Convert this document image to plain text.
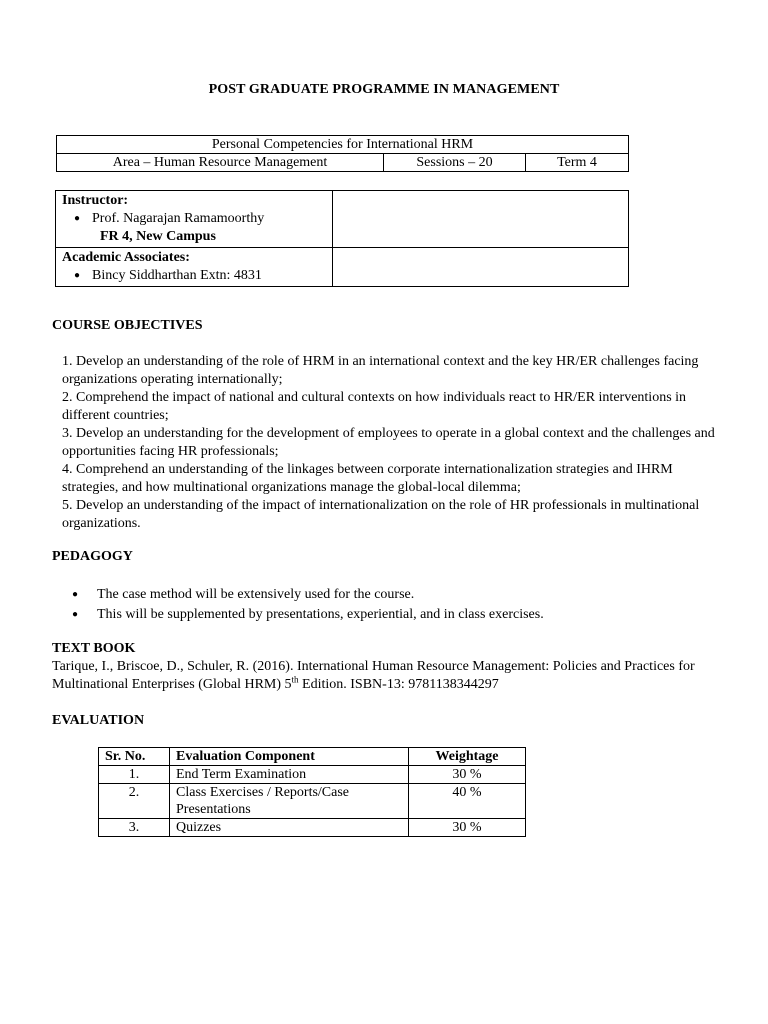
POST GRADUATE PROGRAMME IN MANAGEMENT
Personal Competencies for International HRM
Area – Human Resource Management	Sessions – 20	Term 4
Instructor:
● Prof. Nagarajan Ramamoorthy
FR 4, New Campus	

Academic Associates:
● Bincy Siddharthan Extn: 4831	

COURSE OBJECTIVES

1. Develop an understanding of the role of HRM in an international context and the key HR/ER challenges facing organizations operating internationally;

2. Comprehend the impact of national and cultural contexts on how individuals react to HR/ER interventions in different countries;

3. Develop an understanding for the development of employees to operate in a global context and the challenges and opportunities facing HR professionals;

4. Comprehend an understanding of the linkages between corporate internationalization strategies and IHRM strategies, and how multinational organizations manage the global-local dilemma;

5. Develop an understanding of the impact of internationalization on the role of HR professionals in multinational organizations.

PEDAGOGY
●	The case method will be extensively used for the course.
●	This will be supplemented by presentations, experiential, and in class exercises.
TEXT BOOK
Tarique, I., Briscoe, D., Schuler, R. (2016). International Human Resource Management: Policies and Practices for Multinational Enterprises (Global HRM) 5th Edition. ISBN-13: 9781138344297
EVALUATION
Sr. No.	Evaluation Component	Weightage
1.	End Term Examination	30 %
2.	Class Exercises / Reports/Case Presentations	40 %
3.	Quizzes	30 %
